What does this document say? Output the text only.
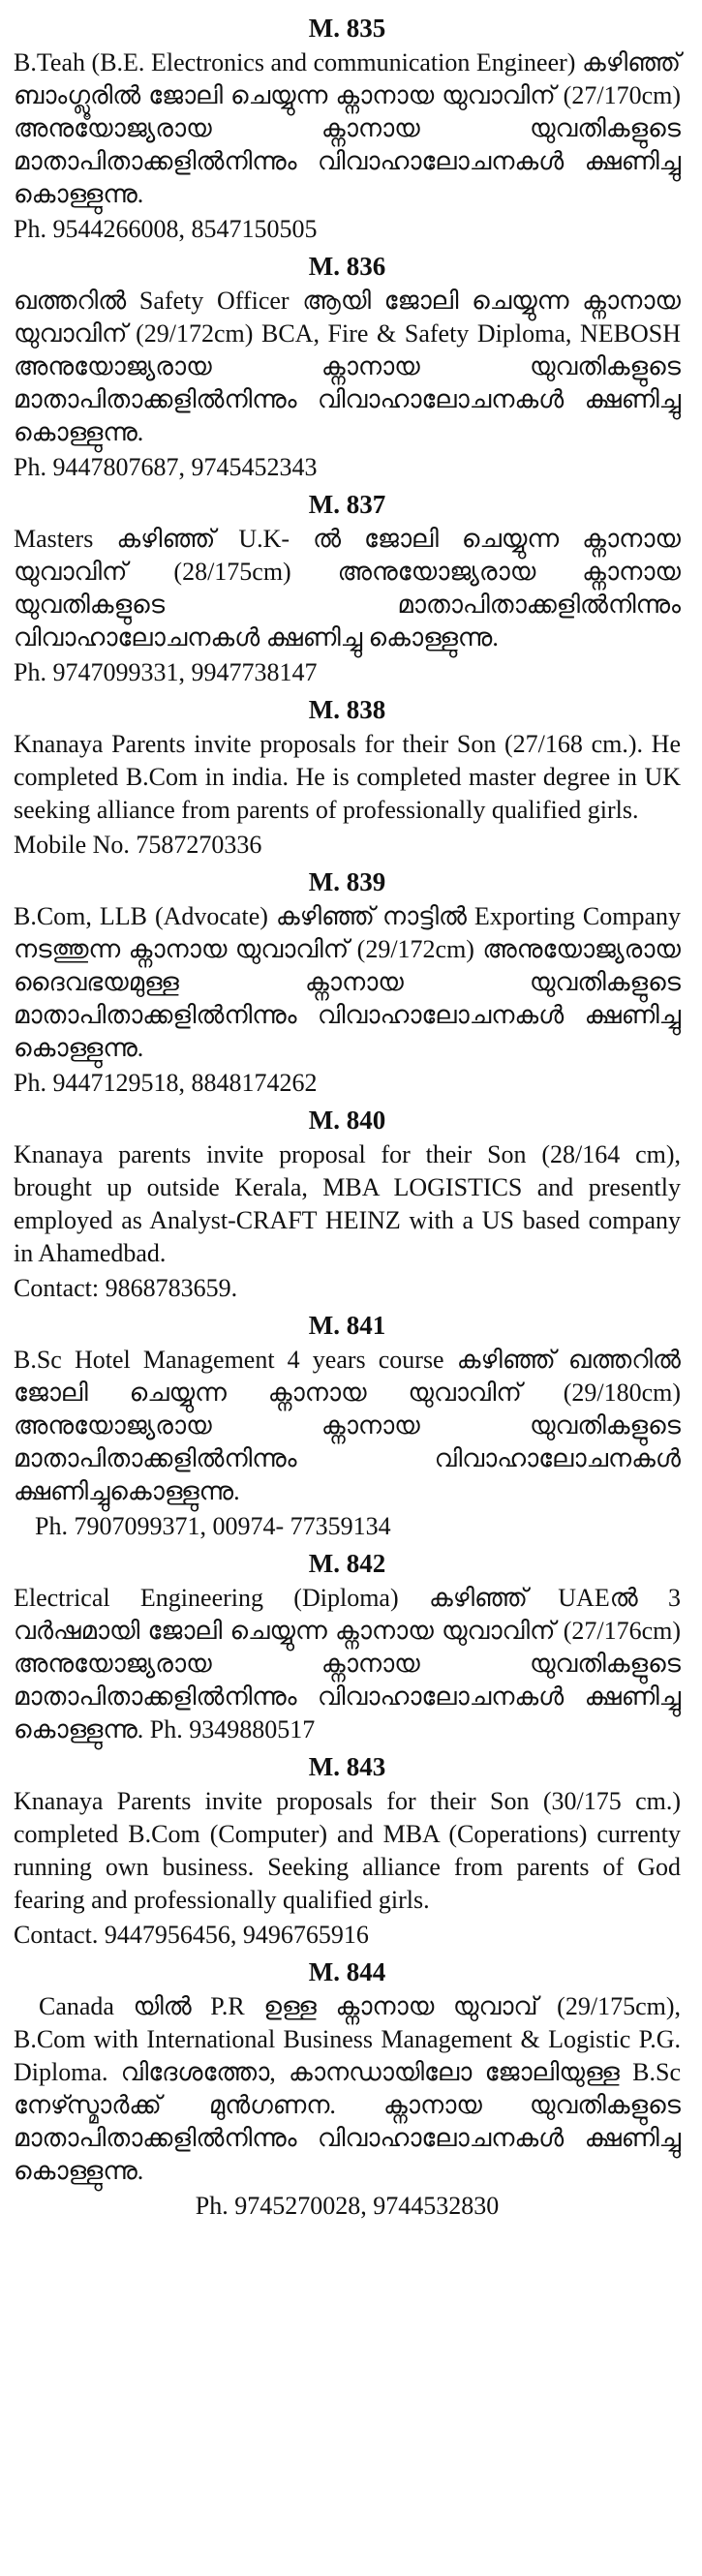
M. 835

B.Teah (B.E. Electronics and communication Engineer) കഴിഞ്ഞ് ബാംഗ്ലൂരിൽ ജോലി ചെയ്യുന്ന ക്നാനായ യുവാവിന് (27/170cm) അനുയോജ്യരായ ക്നാനായ യുവതികളുടെ മാതാപിതാക്കളിൽനിന്നും വിവാഹാലോചനകൾ ക്ഷണിച്ചു കൊള്ളുന്നു.

Ph. 9544266008, 8547150505
M. 836

ഖത്തറിൽ Safety Officer ആയി ജോലി ചെയ്യുന്ന ക്നാനായ യുവാവിന് (29/172cm) BCA, Fire & Safety Diploma, NEBOSH അനുയോജ്യരായ ക്നാനായ യുവതികളുടെ മാതാപിതാക്കളിൽനിന്നും വിവാഹാലോചനകൾ ക്ഷണിച്ചു കൊള്ളുന്നു.

Ph. 9447807687, 9745452343
M. 837

Masters കഴിഞ്ഞ് U.K- ൽ ജോലി ചെയ്യുന്ന ക്നാനായ യുവാവിന് (28/175cm) അനുയോജ്യരായ ക്നാനായ യുവതികളുടെ മാതാപിതാക്കളിൽനിന്നും വിവാഹാലോചനകൾ ക്ഷണിച്ചു കൊള്ളുന്നു.

Ph. 9747099331, 9947738147
M. 838

Knanaya Parents invite proposals for their Son (27/168 cm.). He completed B.Com in india. He is completed master degree in UK seeking alliance from parents of professionally qualified girls.

Mobile No. 7587270336
M. 839

B.Com, LLB (Advocate) കഴിഞ്ഞ് നാട്ടിൽ Exporting Company നടത്തുന്ന ക്നാനായ യുവാവിന് (29/172cm) അനുയോജ്യരായ ദൈവഭയമുള്ള ക്നാനായ യുവതികളുടെ മാതാപിതാക്കളിൽനിന്നും വിവാഹാലോചനകൾ ക്ഷണിച്ചു കൊള്ളുന്നു.

Ph. 9447129518, 8848174262
M. 840

Knanaya parents invite proposal for their Son (28/164 cm), brought up outside Kerala, MBA LOGISTICS and presently employed as Analyst-CRAFT HEINZ with a US based company in Ahamedbad.

Contact: 9868783659.
M. 841

B.Sc Hotel Management 4 years course കഴിഞ്ഞ് ഖത്തറിൽ ജോലി ചെയ്യുന്ന ക്നാനായ യുവാവിന് (29/180cm) അനുയോജ്യരായ ക്നാനായ യുവതികളുടെ മാതാപിതാക്കളിൽനിന്നും വിവാഹാലോചനകൾ ക്ഷണിച്ചുകൊള്ളുന്നു.

Ph. 7907099371, 00974- 77359134
M. 842

Electrical Engineering (Diploma) കഴിഞ്ഞ് UAEൽ 3 വർഷമായി ജോലി ചെയ്യുന്ന ക്നാനായ യുവാവിന് (27/176cm) അനുയോജ്യരായ ക്നാനായ യുവതികളുടെ മാതാപിതാക്കളിൽനിന്നും വിവാഹാലോചനകൾ ക്ഷണിച്ചു കൊള്ളുന്നു. Ph. 9349880517

M. 843

Knanaya Parents invite proposals for their Son (30/175 cm.) completed B.Com (Computer) and MBA (Coperations) currenty running own business. Seeking alliance from parents of God fearing and professionally qualified girls.

Contact. 9447956456, 9496765916
M. 844

Canada യിൽ P.R ഉള്ള ക്നാനായ യുവാവ് (29/175cm), B.Com with International Business Management & Logistic P.G. Diploma. വിദേശത്തോ, കാനഡായിലോ ജോലിയുള്ള B.Sc നേഴ്സ്മാർക്ക് മുൻഗണന. ക്നാനായ യുവതികളുടെ മാതാപിതാക്കളിൽനിന്നും വിവാഹാലോചനകൾ ക്ഷണിച്ചു കൊള്ളുന്നു.

Ph. 9745270028, 9744532830
